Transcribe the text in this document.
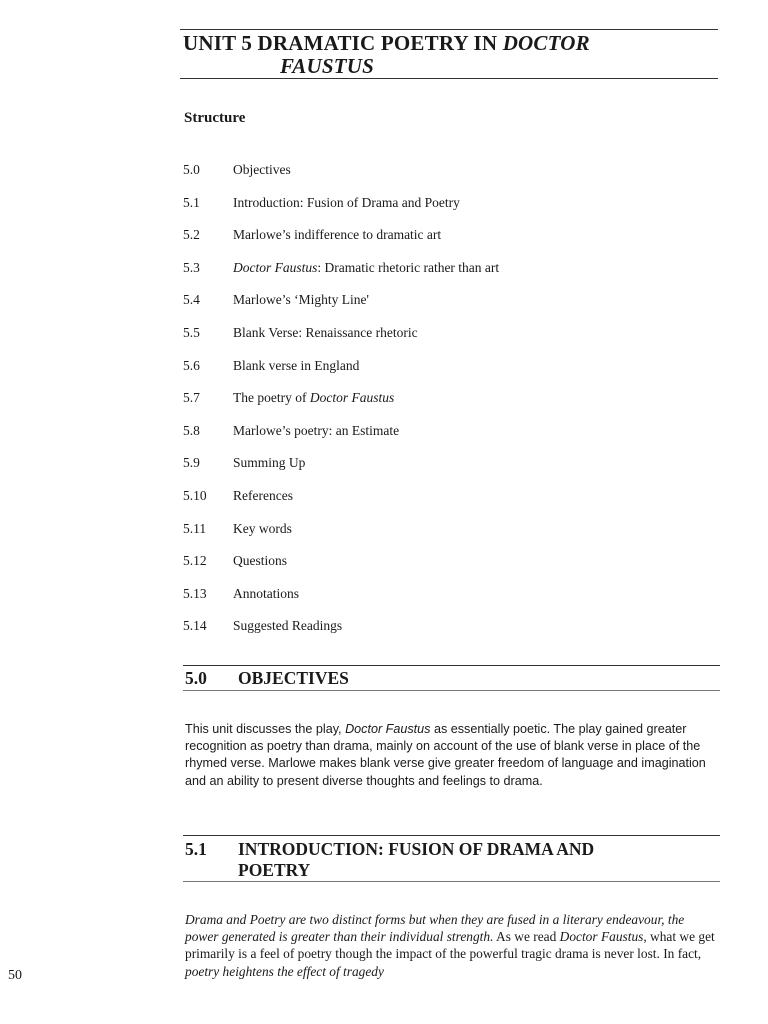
UNIT 5 DRAMATIC POETRY IN DOCTOR
FAUSTUS
Structure
5.0	Objectives
5.1	Introduction: Fusion of Drama and Poetry
5.2	Marlowe’s indifference to dramatic art
5.3	Doctor Faustus: Dramatic rhetoric rather than art
5.4	Marlowe’s ‘Mighty Line'
5.5	Blank Verse: Renaissance rhetoric
5.6	Blank verse in England
5.7	The poetry of Doctor Faustus
5.8	Marlowe’s poetry: an Estimate
5.9	Summing Up
5.10	References
5.11	Key words
5.12	Questions
5.13	Annotations
5.14	Suggested Readings
5.0 OBJECTIVES

This unit discusses the play, Doctor Faustus as essentially poetic. The play gained greater recognition as poetry than drama, mainly on account of the use of blank verse in place of the rhymed verse. Marlowe makes blank verse give greater freedom of language and imagination and an ability to present diverse thoughts and feelings to drama.

5.1 INTRODUCTION: FUSION OF DRAMA AND
POETRY

Drama and Poetry are two distinct forms but when they are fused in a literary endeavour, the power generated is greater than their individual strength. As we read Doctor Faustus, what we get primarily is a feel of poetry though the impact of the powerful tragic drama is never lost. In fact, poetry heightens the effect of tragedy

50
